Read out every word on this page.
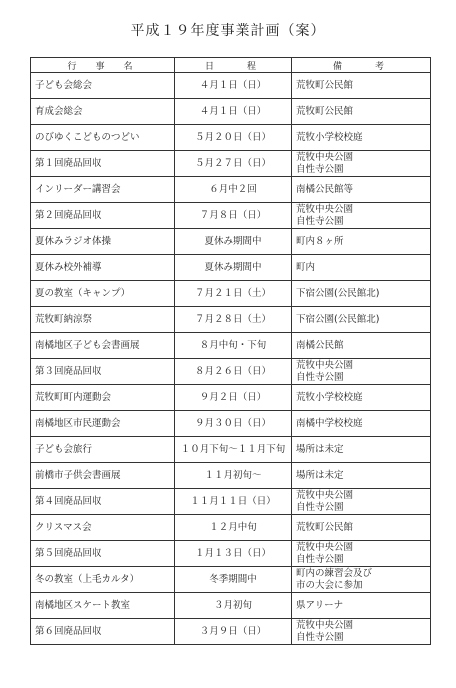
平成１９年度事業計画（案）
行　事　名	日　　程	備　　考
子ども会総会	４月１日（日）	荒牧町公民館

育成会総会	４月１日（日）	荒牧町公民館

のびゆくこどものつどい	５月２０日（日）	荒牧小学校校庭

第１回廃品回収	５月２７日（日）	荒牧中央公園
自性寺公園

インリーダー講習会	６月中２回	南橘公民館等

第２回廃品回収	７月８日（日）	荒牧中央公園
自性寺公園

夏休みラジオ体操	夏休み期間中	町内８ヶ所

夏休み校外補導	夏休み期間中	町内

夏の教室（キャンプ）	７月２１日（土）	下宿公園(公民館北)

荒牧町納涼祭	７月２８日（土）	下宿公園(公民館北)

南橘地区子ども会書画展	８月中旬・下旬	南橘公民館

第３回廃品回収	８月２６日（日）	荒牧中央公園
自性寺公園

荒牧町町内運動会	９月２日（日）	荒牧小学校校庭

南橘地区市民運動会	９月３０日（日）	南橘中学校校庭

子ども会旅行	１０月下旬～１１月下旬	場所は未定

前橋市子供会書画展	１１月初旬～	場所は未定

第４回廃品回収	１１月１１日（日）	荒牧中央公園
自性寺公園

クリスマス会	１２月中旬	荒牧町公民館

第５回廃品回収	１月１３日（日）	荒牧中央公園
自性寺公園

冬の教室（上毛カルタ）	冬季期間中	町内の練習会及び
市の大会に参加

南橘地区スケート教室	３月初旬	県アリーナ

第６回廃品回収	３月９日（日）	荒牧中央公園
自性寺公園
